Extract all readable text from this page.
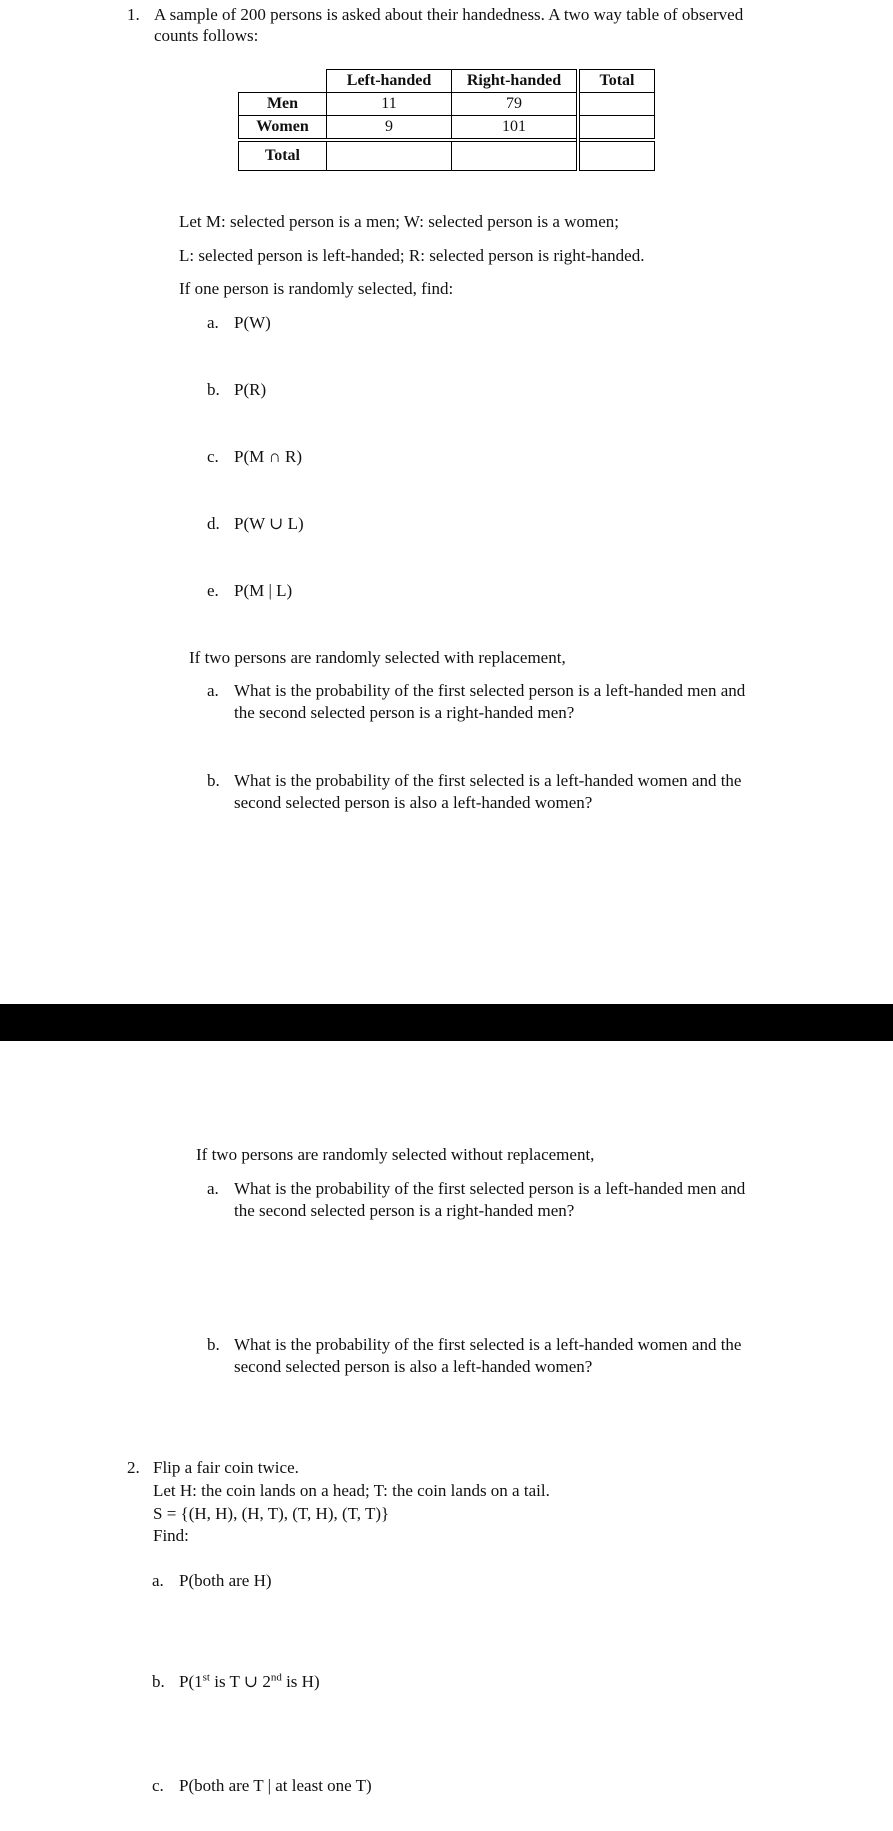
1. A sample of 200 persons is asked about their handedness. A two way table of observed
counts follows:
	Left-handed	Right-handed	Total
Men	11	79	
Women	9	101	
Total			
Let M: selected person is a men; W: selected person is a women;
L: selected person is left-handed; R: selected person is right-handed.
If one person is randomly selected, find:
a. P(W)
b. P(R)
c. P(M ∩ R)
d. P(W ∪ L)
e. P(M | L)
If two persons are randomly selected with replacement,
a. What is the probability of the first selected person is a left-handed men and
the second selected person is a right-handed men?
b. What is the probability of the first selected is a left-handed women and the
second selected person is also a left-handed women?
If two persons are randomly selected without replacement,
a. What is the probability of the first selected person is a left-handed men and
the second selected person is a right-handed men?
b. What is the probability of the first selected is a left-handed women and the
second selected person is also a left-handed women?
2. Flip a fair coin twice.
Let H: the coin lands on a head; T: the coin lands on a tail.
S = {(H, H), (H, T), (T, H), (T, T)}
Find:
a. P(both are H)
b. P(1st is T ∪ 2nd is H)
c. P(both are T | at least one T)
